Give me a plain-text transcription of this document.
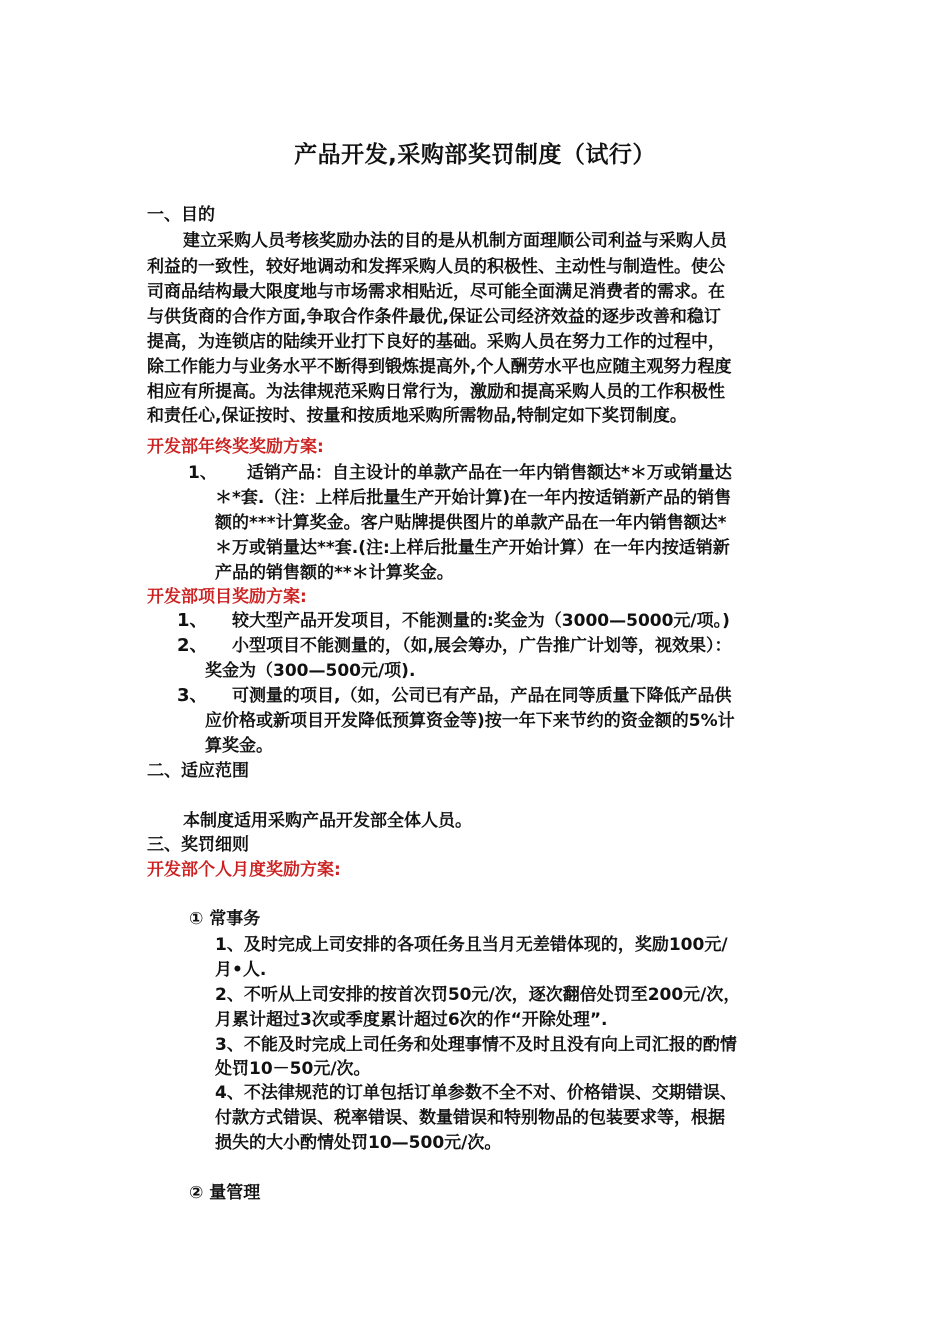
产品开发,采购部奖罚制度（试行）
一、目的
建立采购人员考核奖励办法的目的是从机制方面理顺公司利益与采购人员
利益的一致性，较好地调动和发挥采购人员的积极性、主动性与制造性。使公
司商品结构最大限度地与市场需求相贴近，尽可能全面满足消费者的需求。在
与供货商的合作方面,争取合作条件最优,保证公司经济效益的逐步改善和稳订
提高，为连锁店的陆续开业打下良好的基础。采购人员在努力工作的过程中，
除工作能力与业务水平不断得到锻炼提高外,个人酬劳水平也应随主观努力程度
相应有所提高。为法律规范采购日常行为，激励和提高采购人员的工作积极性
和责任心,保证按时、按量和按质地采购所需物品,特制定如下奖罚制度。
开发部年终奖奖励方案:
1、 适销产品：自主设计的单款产品在一年内销售额达*＊万或销量达
＊*套.（注：上样后批量生产开始计算)在一年内按适销新产品的销售
额的***计算奖金。客户贴牌提供图片的单款产品在一年内销售额达*
＊万或销量达**套.(注:上样后批量生产开始计算）在一年内按适销新
产品的销售额的**＊计算奖金。
开发部项目奖励方案:
1、 较大型产品开发项目，不能测量的:奖金为（3000—5000元/项。)
2、 小型项目不能测量的，（如,展会筹办，广告推广计划等，视效果）：
奖金为（300—500元/项).
3、 可测量的项目,（如，公司已有产品，产品在同等质量下降低产品供
应价格或新项目开发降低预算资金等)按一年下来节约的资金额的5%计
算奖金。
二、适应范围
本制度适用采购产品开发部全体人员。
三、奖罚细则
开发部个人月度奖励方案:
① 常事务
1、及时完成上司安排的各项任务且当月无差错体现的，奖励100元/
月•人.
2、不听从上司安排的按首次罚50元/次，逐次翻倍处罚至200元/次，
月累计超过3次或季度累计超过6次的作“开除处理”.
3、不能及时完成上司任务和处理事情不及时且没有向上司汇报的酌情
处罚10－50元/次。
4、不法律规范的订单包括订单参数不全不对、价格错误、交期错误、
付款方式错误、税率错误、数量错误和特别物品的包装要求等，根据
损失的大小酌情处罚10—500元/次。
② 量管理
